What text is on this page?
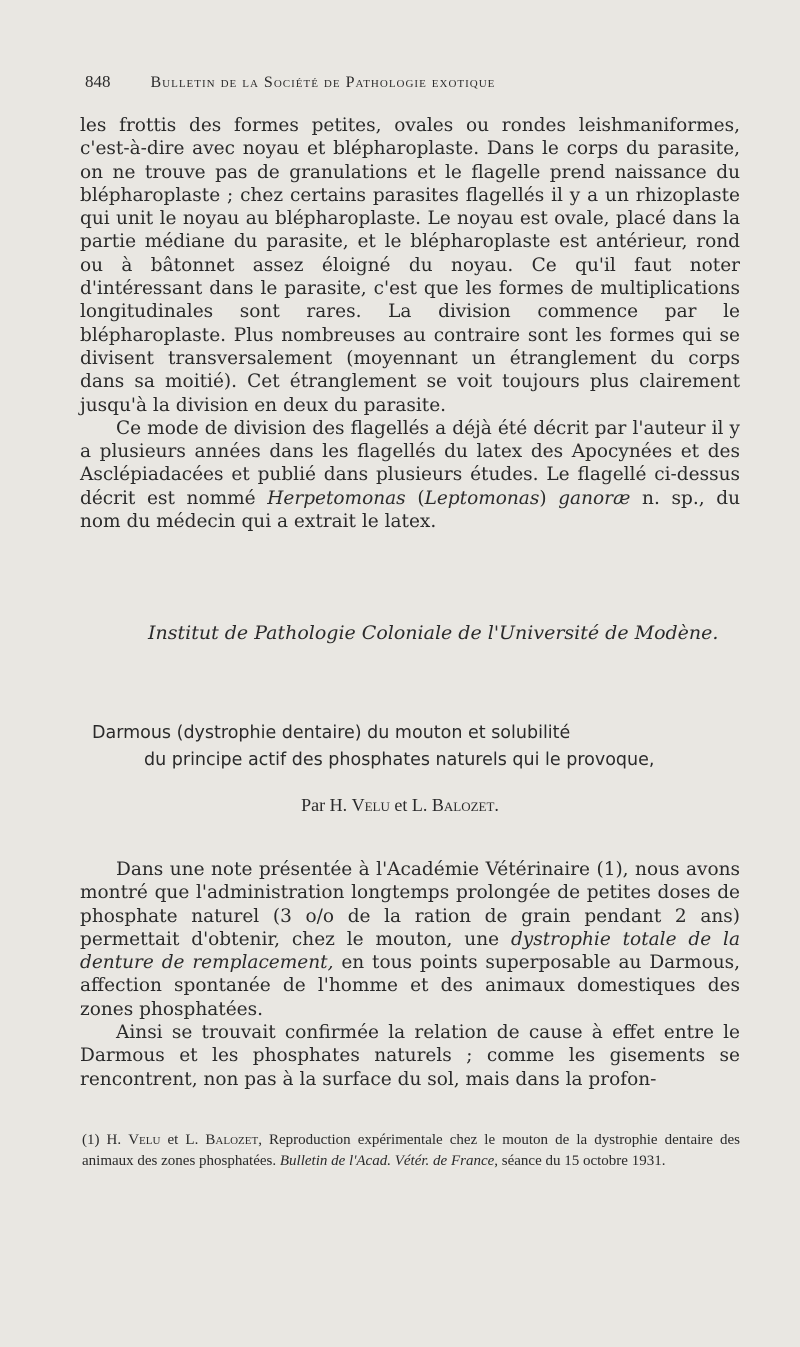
848	Bulletin de la Société de Pathologie exotique

les frottis des formes petites, ovales ou rondes leishmaniformes, c'est-à-dire avec noyau et blépharoplaste. Dans le corps du parasite, on ne trouve pas de granulations et le flagelle prend naissance du blépharoplaste ; chez certains parasites flagellés il y a un rhizoplaste qui unit le noyau au blépharoplaste. Le noyau est ovale, placé dans la partie médiane du parasite, et le blépharoplaste est antérieur, rond ou à bâtonnet assez éloigné du noyau. Ce qu'il faut noter d'intéressant dans le parasite, c'est que les formes de multiplications longitudinales sont rares. La division commence par le blépharoplaste. Plus nombreuses au contraire sont les formes qui se divisent transversalement (moyennant un étranglement du corps dans sa moitié). Cet étranglement se voit toujours plus clairement jusqu'à la division en deux du parasite.

Ce mode de division des flagellés a déjà été décrit par l'auteur il y a plusieurs années dans les flagellés du latex des Apocynées et des Asclépiadacées et publié dans plusieurs études. Le flagellé ci-dessus décrit est nommé Herpetomonas (Leptomonas) ganoræ n. sp., du nom du médecin qui a extrait le latex.

Institut de Pathologie Coloniale de l'Université de Modène.
Darmous (dystrophie dentaire) du mouton et solubilité
du principe actif des phosphates naturels qui le provoque,
Par H. Velu et L. Balozet.

Dans une note présentée à l'Académie Vétérinaire (1), nous avons montré que l'administration longtemps prolongée de petites doses de phosphate naturel (3 o/o de la ration de grain pendant 2 ans) permettait d'obtenir, chez le mouton, une dystrophie totale de la denture de remplacement, en tous points superposable au Darmous, affection spontanée de l'homme et des animaux domestiques des zones phosphatées.

Ainsi se trouvait confirmée la relation de cause à effet entre le Darmous et les phosphates naturels ; comme les gisements se rencontrent, non pas à la surface du sol, mais dans la profon-

(1) H. Velu et L. Balozet, Reproduction expérimentale chez le mouton de la dystrophie dentaire des animaux des zones phosphatées. Bulletin de l'Acad. Vétér. de France, séance du 15 octobre 1931.
